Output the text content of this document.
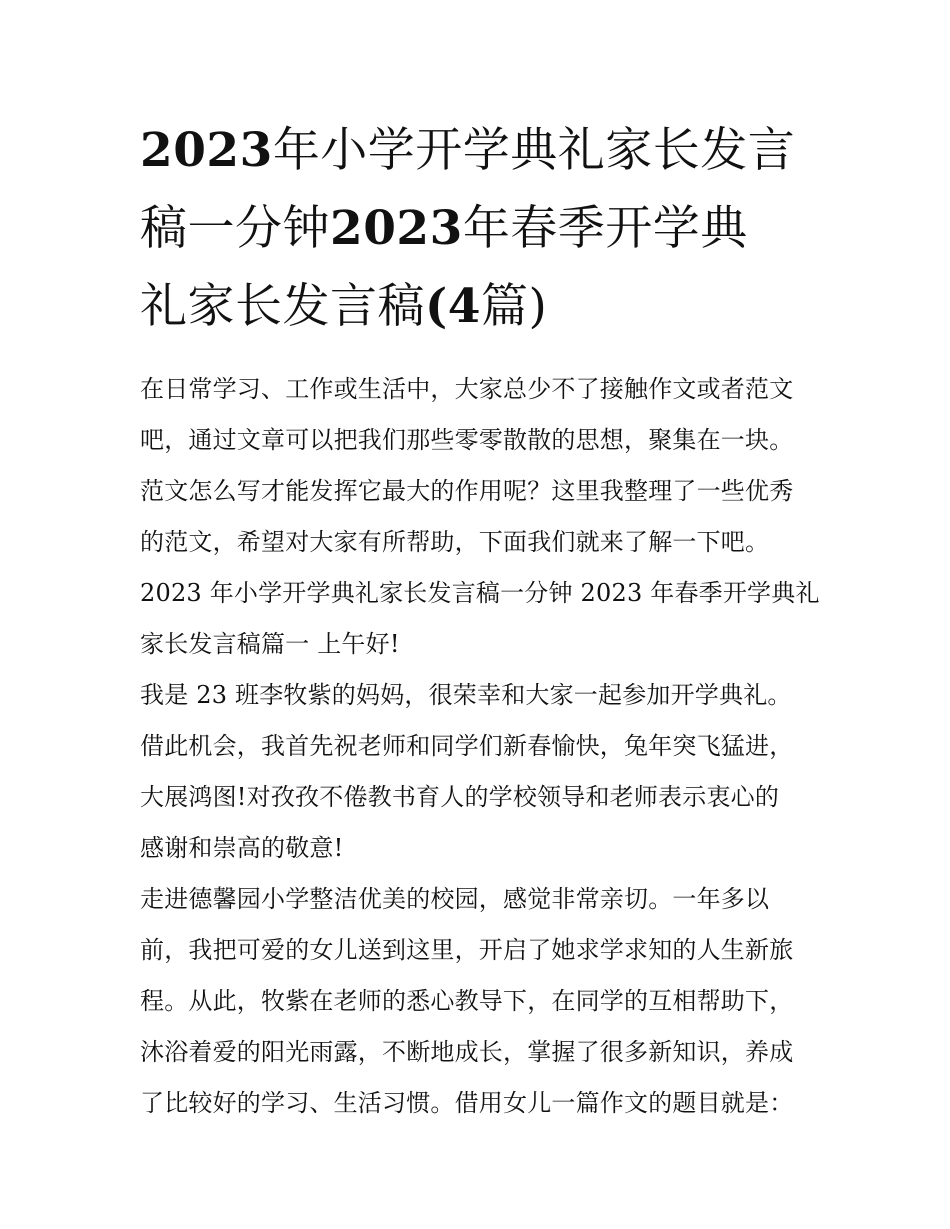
2023年小学开学典礼家长发言
稿一分钟2023年春季开学典
礼家长发言稿(4篇)

在日常学习、工作或生活中，大家总少不了接触作文或者范文
吧，通过文章可以把我们那些零零散散的思想，聚集在一块。
范文怎么写才能发挥它最大的作用呢？这里我整理了一些优秀
的范文，希望对大家有所帮助，下面我们就来了解一下吧。

2023 年小学开学典礼家长发言稿一分钟 2023 年春季开学典礼
家长发言稿篇一 上午好!

我是 23 班李牧紫的妈妈，很荣幸和大家一起参加开学典礼。
借此机会，我首先祝老师和同学们新春愉快，兔年突飞猛进，
大展鸿图!对孜孜不倦教书育人的学校领导和老师表示衷心的
感谢和崇高的敬意!

走进德馨园小学整洁优美的校园，感觉非常亲切。一年多以
前，我把可爱的女儿送到这里，开启了她求学求知的人生新旅
程。从此，牧紫在老师的悉心教导下，在同学的互相帮助下，
沐浴着爱的阳光雨露，不断地成长，掌握了很多新知识，养成
了比较好的学习、生活习惯。借用女儿一篇作文的题目就是：
